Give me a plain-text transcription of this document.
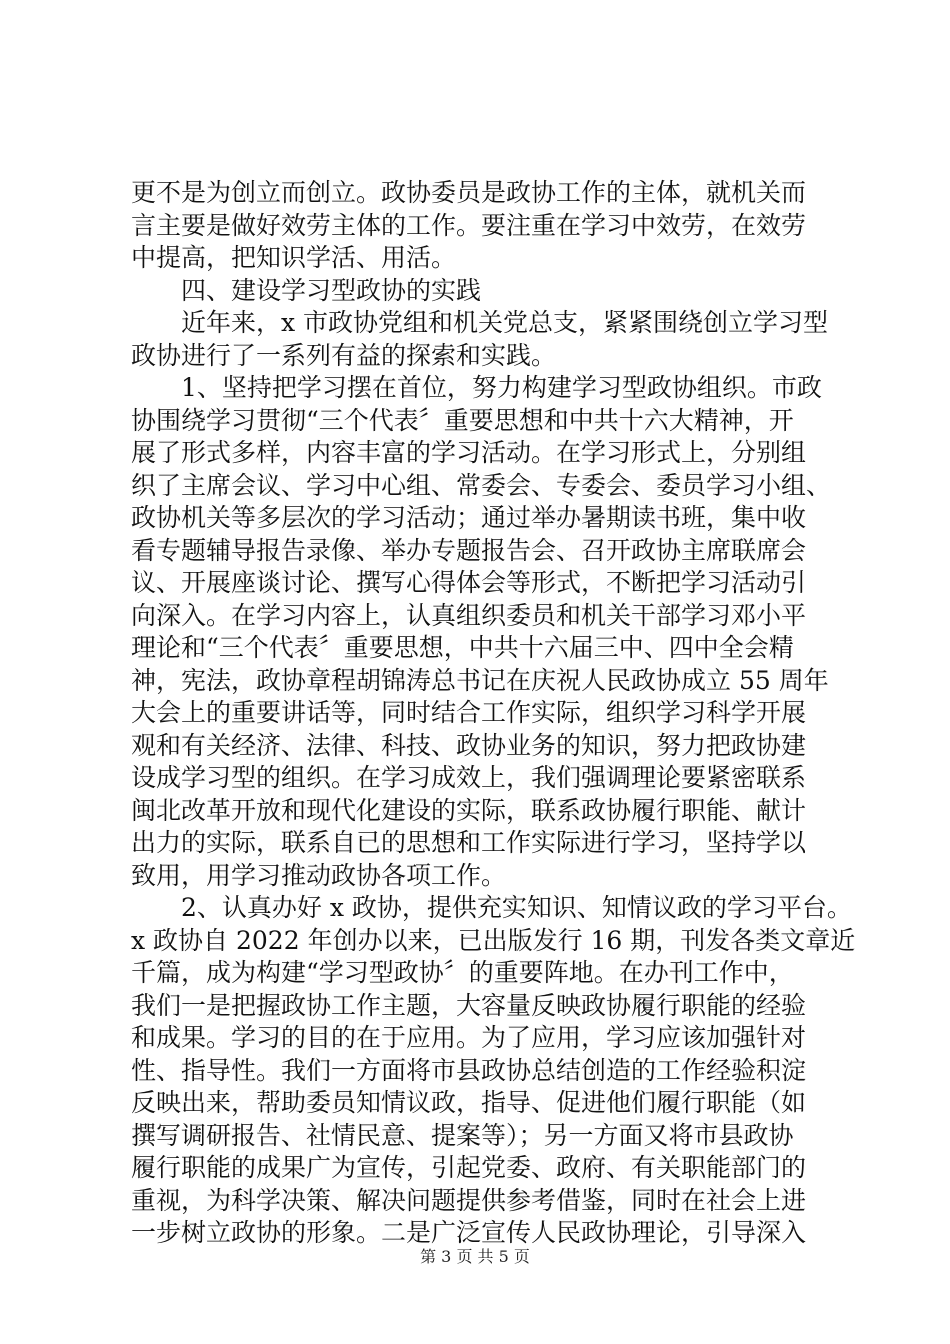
更不是为创立而创立。政协委员是政协工作的主体，就机关而
言主要是做好效劳主体的工作。要注重在学习中效劳，在效劳
中提高，把知识学活、用活。
四、建设学习型政协的实践
近年来，x 市政协党组和机关党总支，紧紧围绕创立学习型
政协进行了一系列有益的探索和实践。
1、坚持把学习摆在首位，努力构建学习型政协组织。市政
协围绕学习贯彻“三个代表〞重要思想和中共十六大精神，开
展了形式多样，内容丰富的学习活动。在学习形式上，分别组
织了主席会议、学习中心组、常委会、专委会、委员学习小组、
政协机关等多层次的学习活动；通过举办暑期读书班，集中收
看专题辅导报告录像、举办专题报告会、召开政协主席联席会
议、开展座谈讨论、撰写心得体会等形式，不断把学习活动引
向深入。在学习内容上，认真组织委员和机关干部学习邓小平
理论和“三个代表〞重要思想，中共十六届三中、四中全会精
神，宪法，政协章程胡锦涛总书记在庆祝人民政协成立 55 周年
大会上的重要讲话等，同时结合工作实际，组织学习科学开展
观和有关经济、法律、科技、政协业务的知识，努力把政协建
设成学习型的组织。在学习成效上，我们强调理论要紧密联系
闽北改革开放和现代化建设的实际，联系政协履行职能、献计
出力的实际，联系自已的思想和工作实际进行学习，坚持学以
致用，用学习推动政协各项工作。
2、认真办好 x 政协，提供充实知识、知情议政的学习平台。
x 政协自 2022 年创办以来，已出版发行 16 期，刊发各类文章近
千篇，成为构建“学习型政协〞的重要阵地。在办刊工作中，
我们一是把握政协工作主题，大容量反映政协履行职能的经验
和成果。学习的目的在于应用。为了应用，学习应该加强针对
性、指导性。我们一方面将市县政协总结创造的工作经验积淀
反映出来，帮助委员知情议政，指导、促进他们履行职能（如
撰写调研报告、社情民意、提案等）；另一方面又将市县政协
履行职能的成果广为宣传，引起党委、政府、有关职能部门的
重视，为科学决策、解决问题提供参考借鉴，同时在社会上进
一步树立政协的形象。二是广泛宣传人民政协理论，引导深入
第 3 页 共 5 页
